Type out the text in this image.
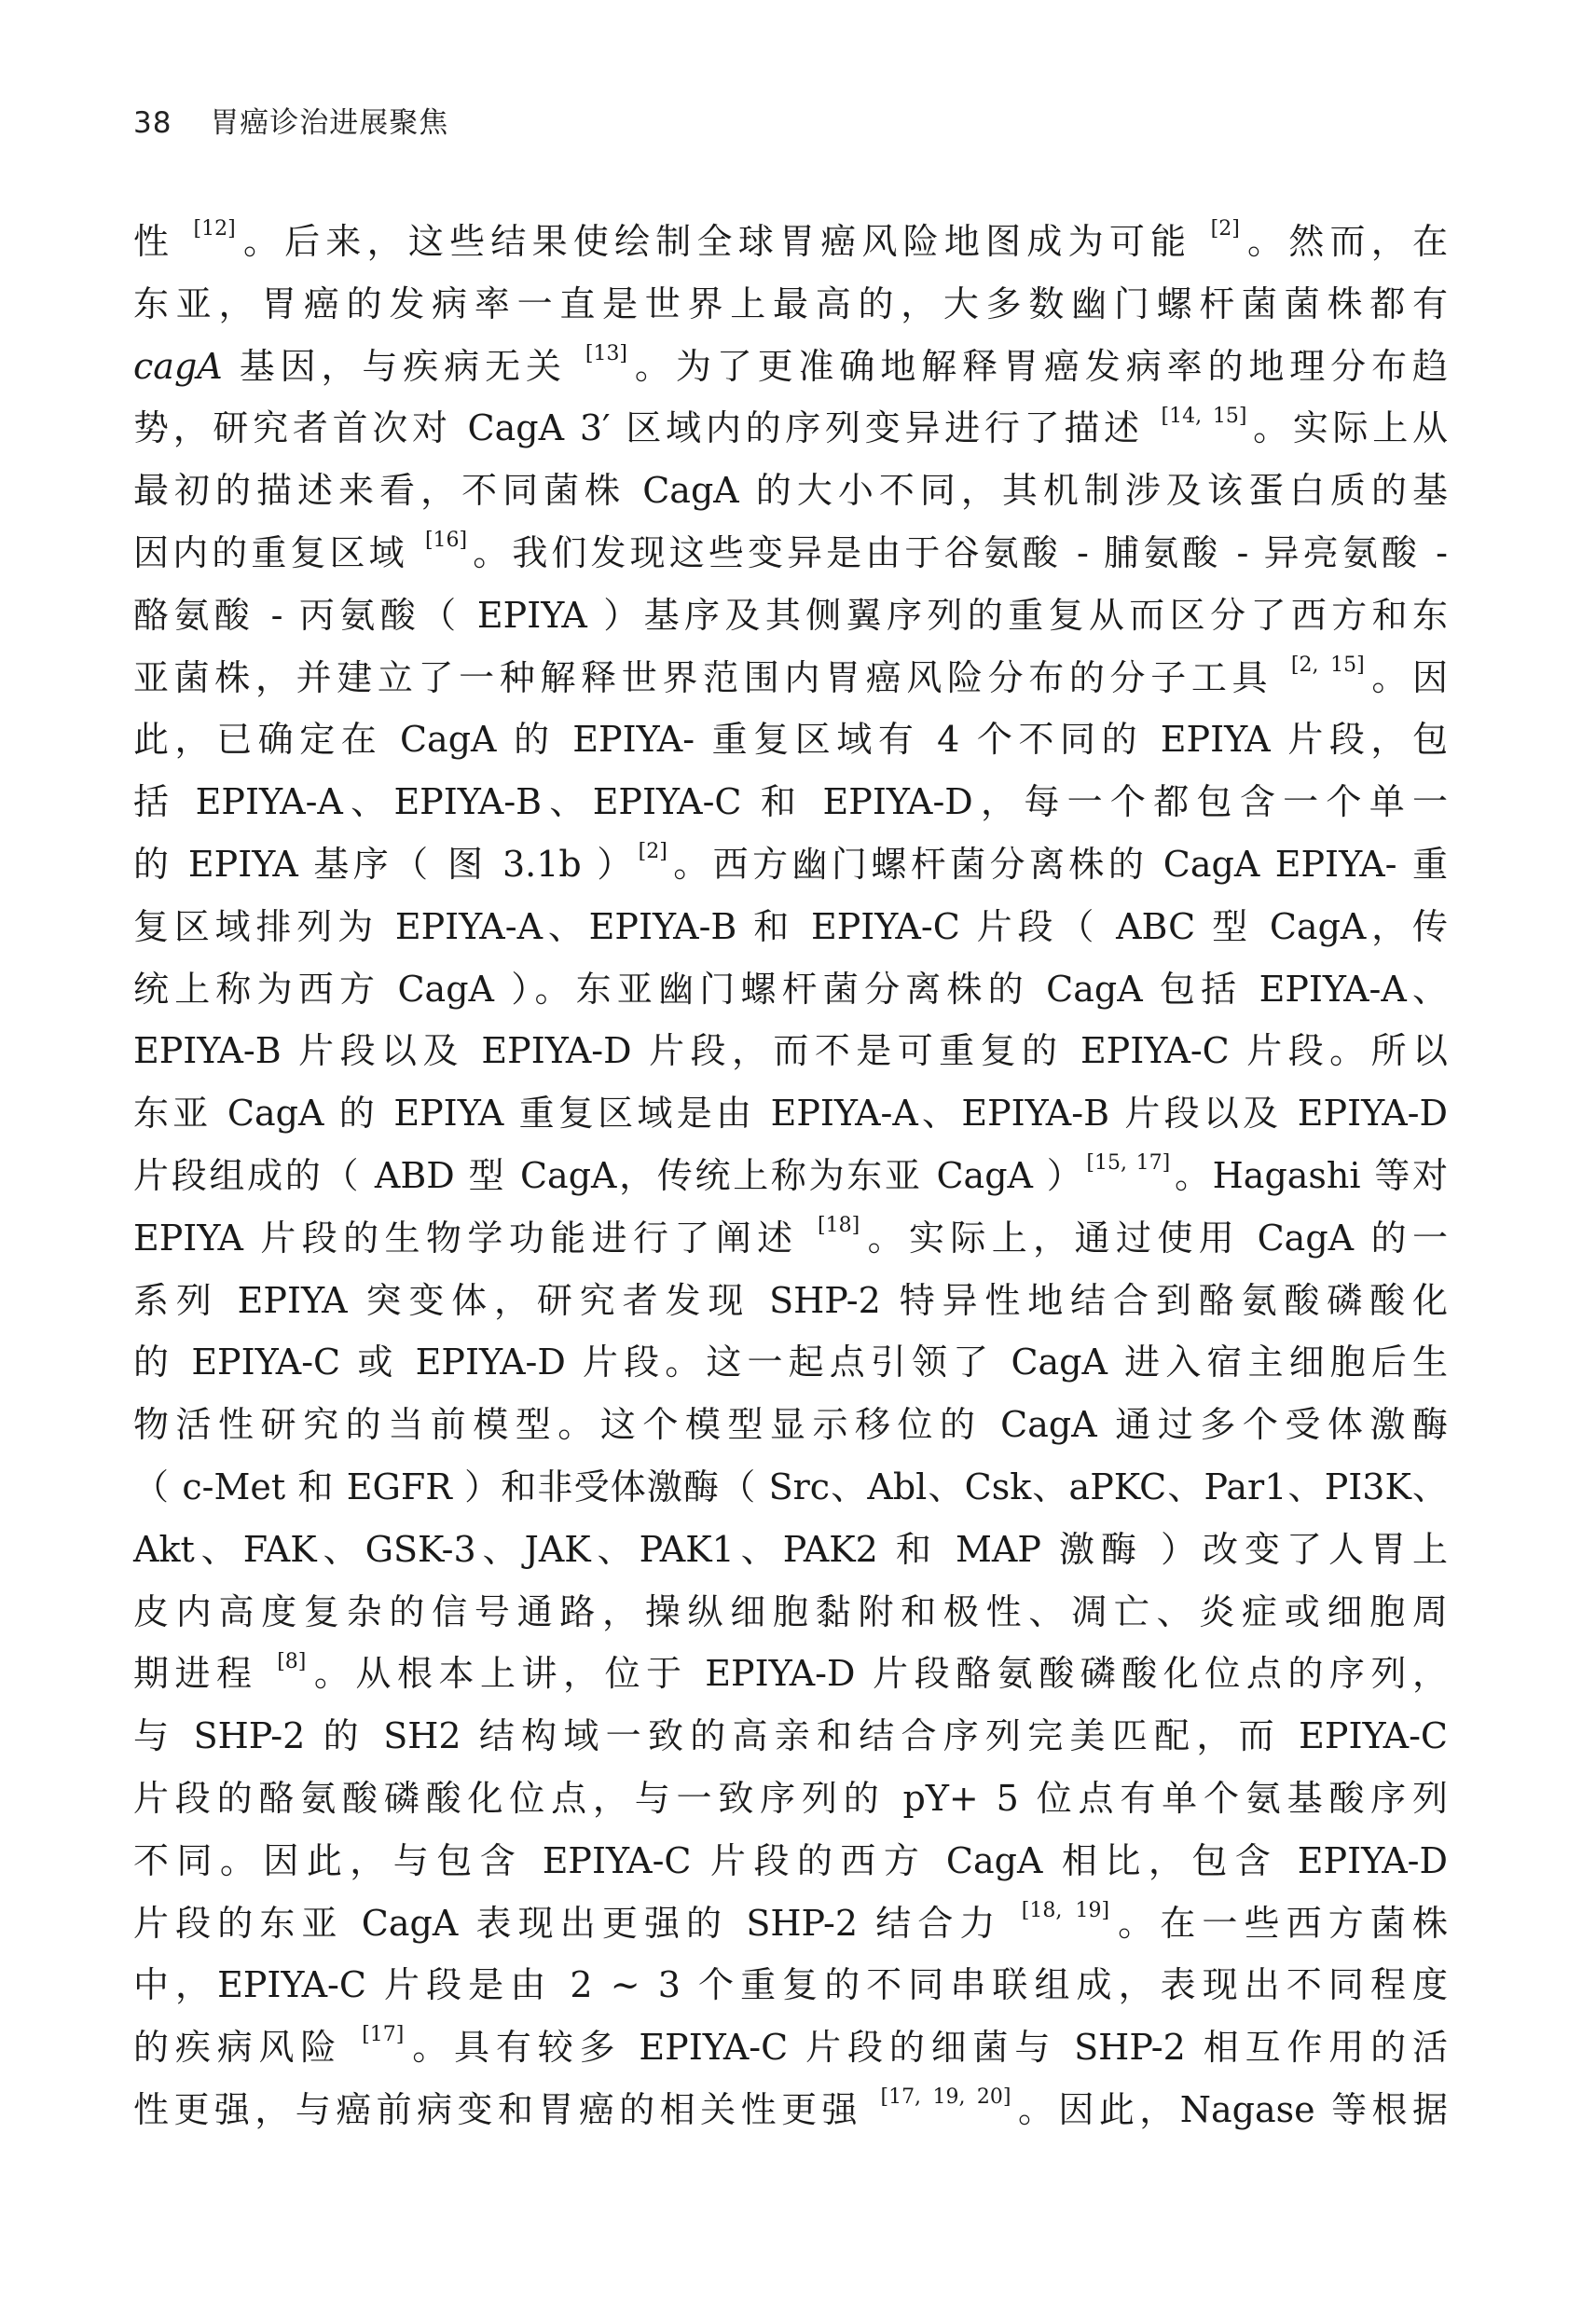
38 胃癌诊治进展聚焦
性 [12]。后来，这些结果使绘制全球胃癌风险地图成为可能 [2]。然而，在
东亚，胃癌的发病率一直是世界上最高的，大多数幽门螺杆菌菌株都有
cagA 基因，与疾病无关 [13]。为了更准确地解释胃癌发病率的地理分布趋
势，研究者首次对 CagA 3′ 区域内的序列变异进行了描述 [14, 15]。实际上从
最初的描述来看，不同菌株 CagA 的大小不同，其机制涉及该蛋白质的基
因内的重复区域 [16]。我们发现这些变异是由于谷氨酸 - 脯氨酸 - 异亮氨酸 -
酪氨酸 - 丙氨酸（ EPIYA ）基序及其侧翼序列的重复从而区分了西方和东
亚菌株，并建立了一种解释世界范围内胃癌风险分布的分子工具 [2, 15]。因
此，已确定在 CagA 的 EPIYA- 重复区域有 4 个不同的 EPIYA 片段，包
括 EPIYA-A、EPIYA-B、EPIYA-C 和 EPIYA-D，每一个都包含一个单一
的 EPIYA 基序（ 图 3.1b ）[2]。西方幽门螺杆菌分离株的 CagA EPIYA- 重
复区域排列为 EPIYA-A、EPIYA-B 和 EPIYA-C 片段（ ABC 型 CagA，传
统上称为西方 CagA ）。东亚幽门螺杆菌分离株的 CagA 包括 EPIYA-A、
EPIYA-B 片段以及 EPIYA-D 片段，而不是可重复的 EPIYA-C 片段。所以
东亚 CagA 的 EPIYA 重复区域是由 EPIYA-A、EPIYA-B 片段以及 EPIYA-D
片段组成的（ ABD 型 CagA，传统上称为东亚 CagA ）[15, 17]。Hagashi 等对
EPIYA 片段的生物学功能进行了阐述 [18]。实际上，通过使用 CagA 的一
系列 EPIYA 突变体，研究者发现 SHP-2 特异性地结合到酪氨酸磷酸化
的 EPIYA-C 或 EPIYA-D 片段。这一起点引领了 CagA 进入宿主细胞后生
物活性研究的当前模型。这个模型显示移位的 CagA 通过多个受体激酶
（ c-Met 和 EGFR ）和非受体激酶（ Src、Abl、Csk、aPKC、Par1、PI3K、
Akt、FAK、GSK-3、JAK、PAK1、PAK2 和 MAP 激酶 ）改变了人胃上
皮内高度复杂的信号通路，操纵细胞黏附和极性、凋亡、炎症或细胞周
期进程 [8]。从根本上讲，位于 EPIYA-D 片段酪氨酸磷酸化位点的序列，
与 SHP-2 的 SH2 结构域一致的高亲和结合序列完美匹配，而 EPIYA-C
片段的酪氨酸磷酸化位点，与一致序列的 pY+ 5 位点有单个氨基酸序列
不同。因此，与包含 EPIYA-C 片段的西方 CagA 相比，包含 EPIYA-D
片段的东亚 CagA 表现出更强的 SHP-2 结合力 [18, 19]。在一些西方菌株
中，EPIYA-C 片段是由 2 ~ 3 个重复的不同串联组成，表现出不同程度
的疾病风险 [17]。具有较多 EPIYA-C 片段的细菌与 SHP-2 相互作用的活
性更强，与癌前病变和胃癌的相关性更强 [17, 19, 20]。因此，Nagase 等根据
